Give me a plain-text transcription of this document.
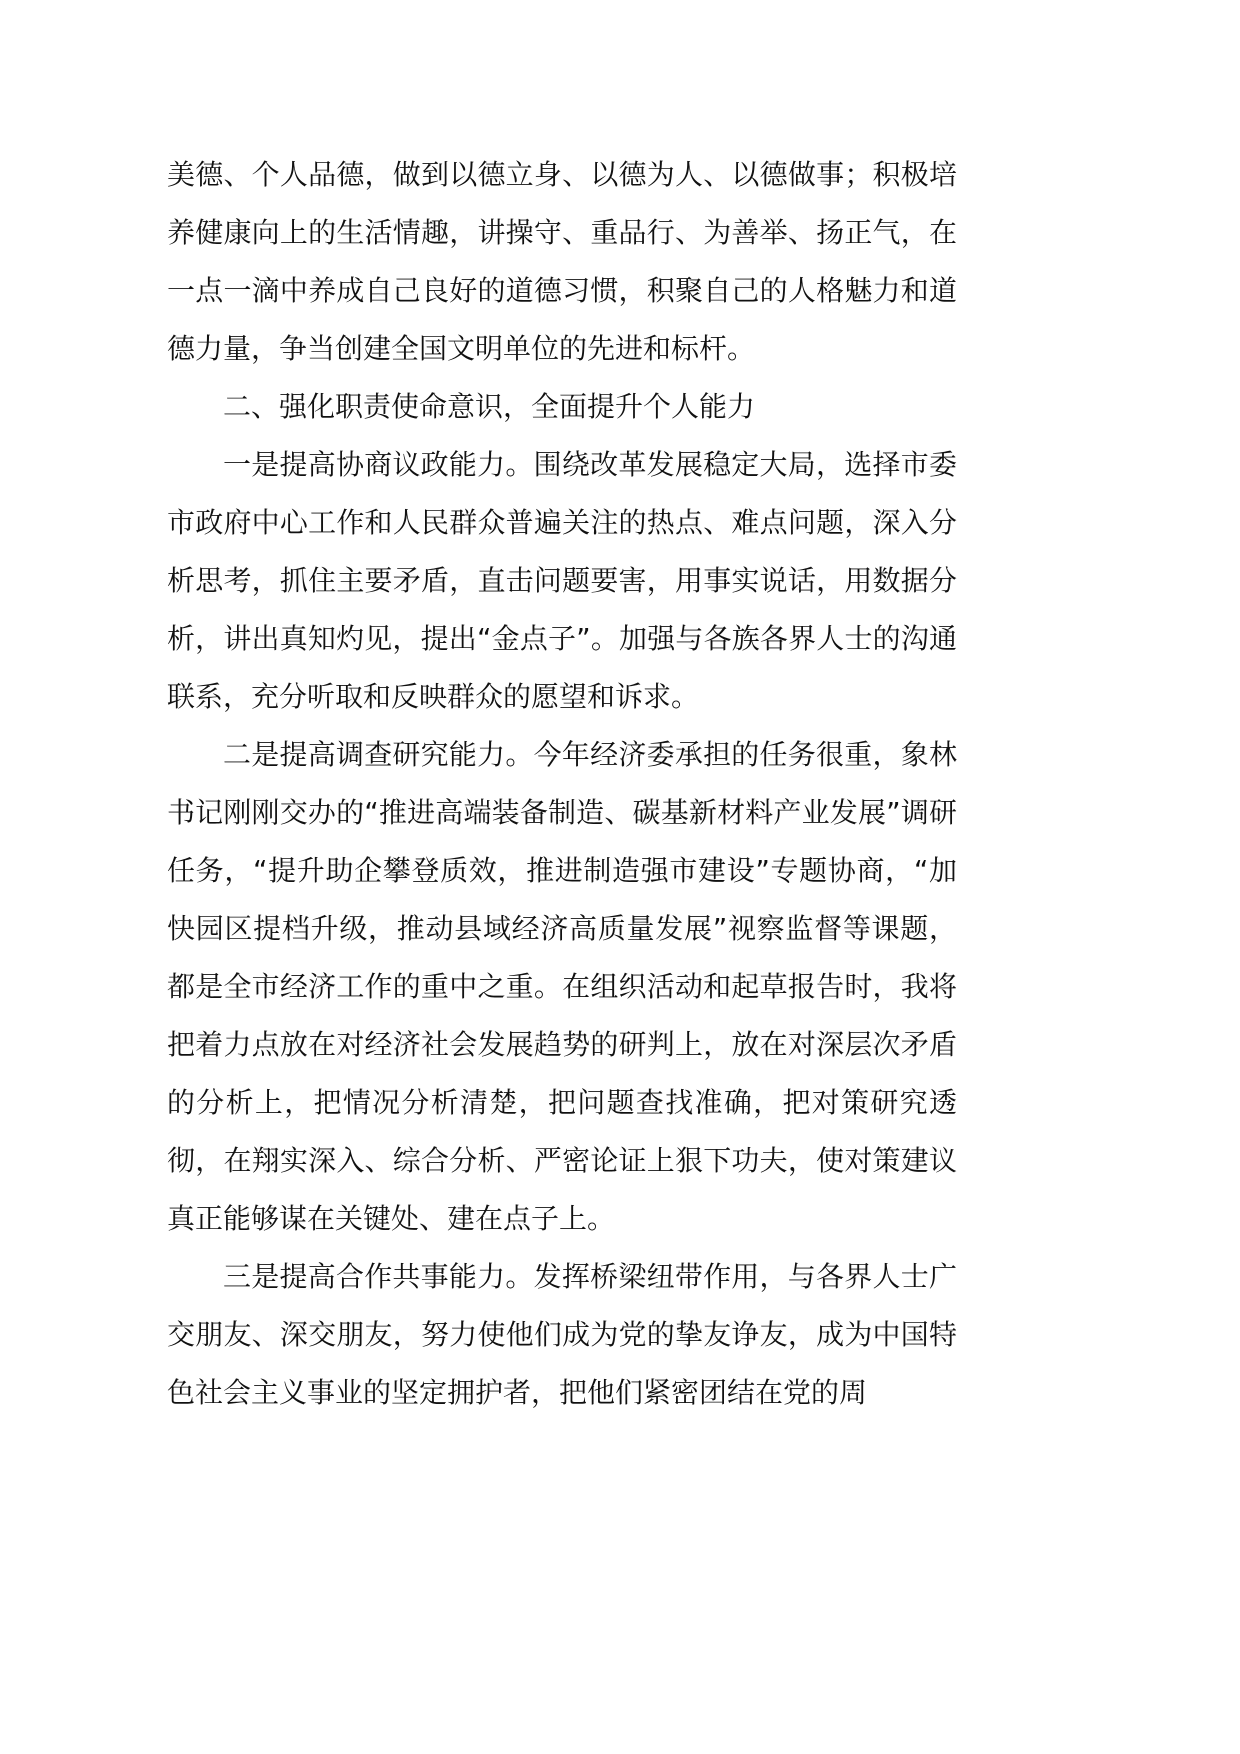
美德、个人品德，做到以德立身、以德为人、以德做事；积极培养健康向上的生活情趣，讲操守、重品行、为善举、扬正气，在一点一滴中养成自己良好的道德习惯，积聚自己的人格魅力和道德力量，争当创建全国文明单位的先进和标杆。

二、强化职责使命意识，全面提升个人能力

一是提高协商议政能力。围绕改革发展稳定大局，选择市委市政府中心工作和人民群众普遍关注的热点、难点问题，深入分析思考，抓住主要矛盾，直击问题要害，用事实说话，用数据分析，讲出真知灼见，提出“金点子”。加强与各族各界人士的沟通联系，充分听取和反映群众的愿望和诉求。

二是提高调查研究能力。今年经济委承担的任务很重，象林书记刚刚交办的“推进高端装备制造、碳基新材料产业发展”调研任务，“提升助企攀登质效，推进制造强市建设”专题协商，“加快园区提档升级，推动县域经济高质量发展”视察监督等课题，都是全市经济工作的重中之重。在组织活动和起草报告时，我将把着力点放在对经济社会发展趋势的研判上，放在对深层次矛盾的分析上，把情况分析清楚，把问题查找准确，把对策研究透彻，在翔实深入、综合分析、严密论证上狠下功夫，使对策建议真正能够谋在关键处、建在点子上。

三是提高合作共事能力。发挥桥梁纽带作用，与各界人士广交朋友、深交朋友，努力使他们成为党的挚友诤友，成为中国特色社会主义事业的坚定拥护者，把他们紧密团结在党的周
